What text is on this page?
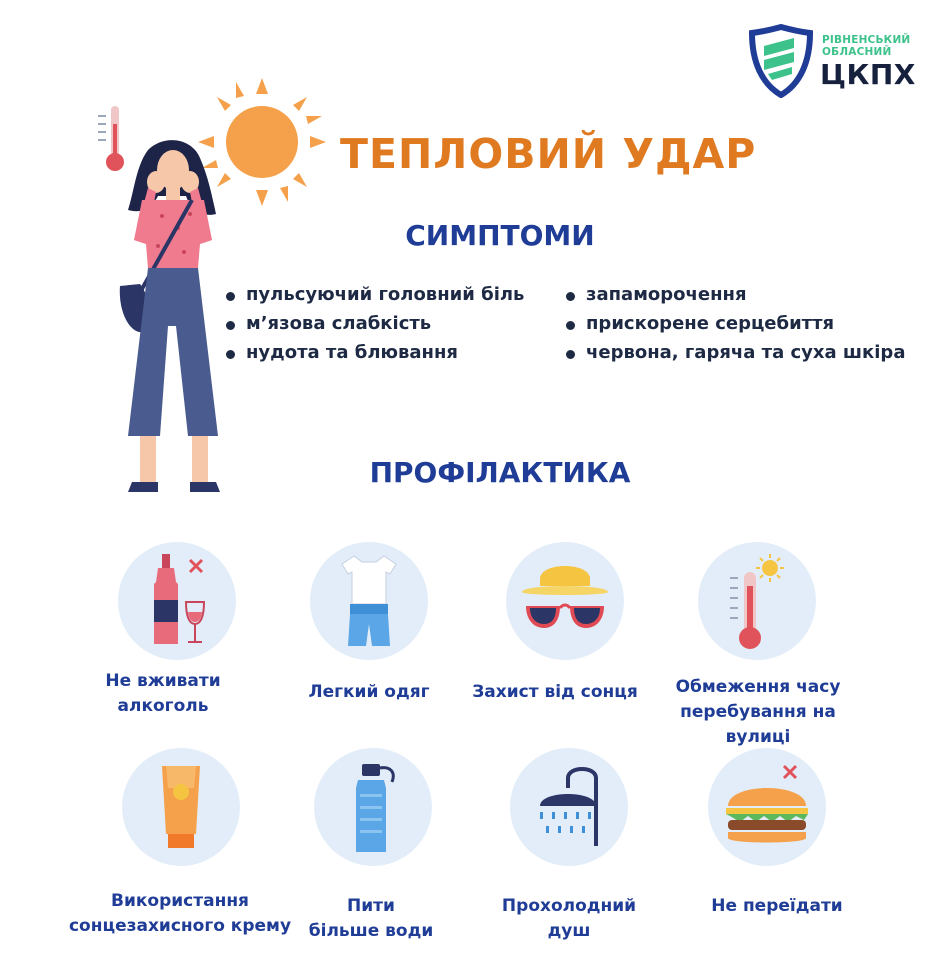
РІВНЕНСЬКИЙ
ОБЛАСНИЙ
ЦКПХ
ТЕПЛОВИЙ УДАР
СИМПТОМИ
пульсуючий головний біль
м’язова слабкість
нудота та блювання
запаморочення
прискорене серцебиття
червона, гаряча та суха шкіра
ПРОФІЛАКТИКА
Не вживати
алкоголь
Легкий одяг	Захист від сонця	Обмеження часу
перебування на вулиці
Використання
сонцезахисного крему
Пити
більше води
Прохолодний
душ
Не переїдати
